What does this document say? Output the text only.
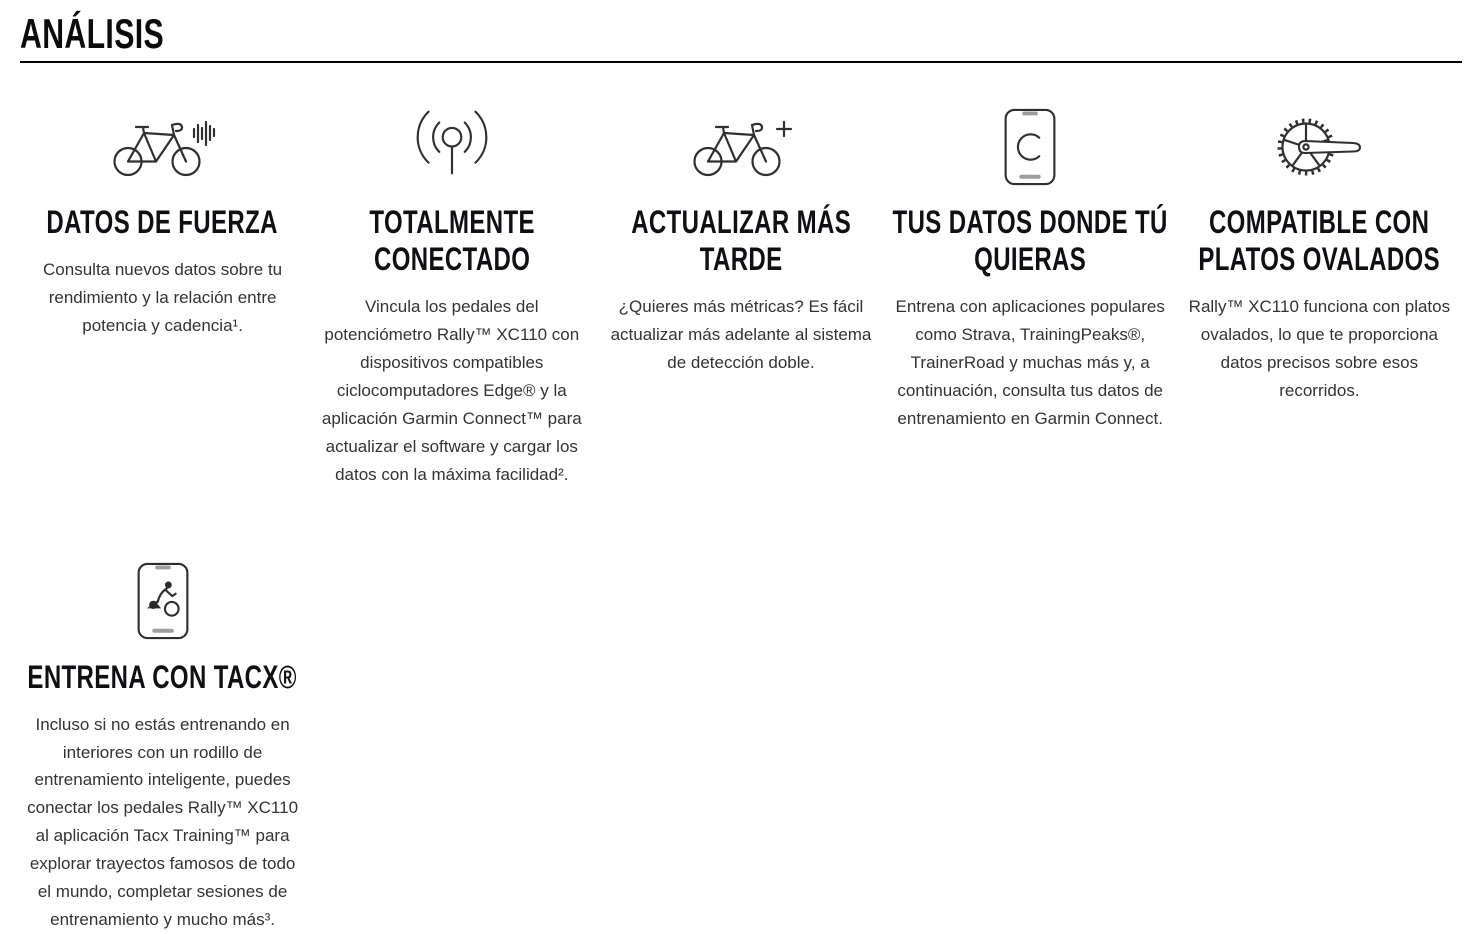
ANÁLISIS
DATOS DE FUERZA

Consulta nuevos datos sobre tu rendimiento y la relación entre potencia y cadencia¹.

TOTALMENTE CONECTADO

Vincula los pedales del potenciómetro Rally™ XC110 con dispositivos compatibles ciclocomputadores Edge® y la aplicación Garmin Connect™ para actualizar el software y cargar los datos con la máxima facilidad².

ACTUALIZAR MÁS TARDE

¿Quieres más métricas? Es fácil actualizar más adelante al sistema de detección doble.

TUS DATOS DONDE TÚ QUIERAS

Entrena con aplicaciones populares como Strava, TrainingPeaks®, TrainerRoad y muchas más y, a continuación, consulta tus datos de entrenamiento en Garmin Connect.

COMPATIBLE CON PLATOS OVALADOS

Rally™ XC110 funciona con platos ovalados, lo que te proporciona datos precisos sobre esos recorridos.

ENTRENA CON TACX®

Incluso si no estás entrenando en interiores con un rodillo de entrenamiento inteligente, puedes conectar los pedales Rally™ XC110 al aplicación Tacx Training™ para explorar trayectos famosos de todo el mundo, completar sesiones de entrenamiento y mucho más³.
